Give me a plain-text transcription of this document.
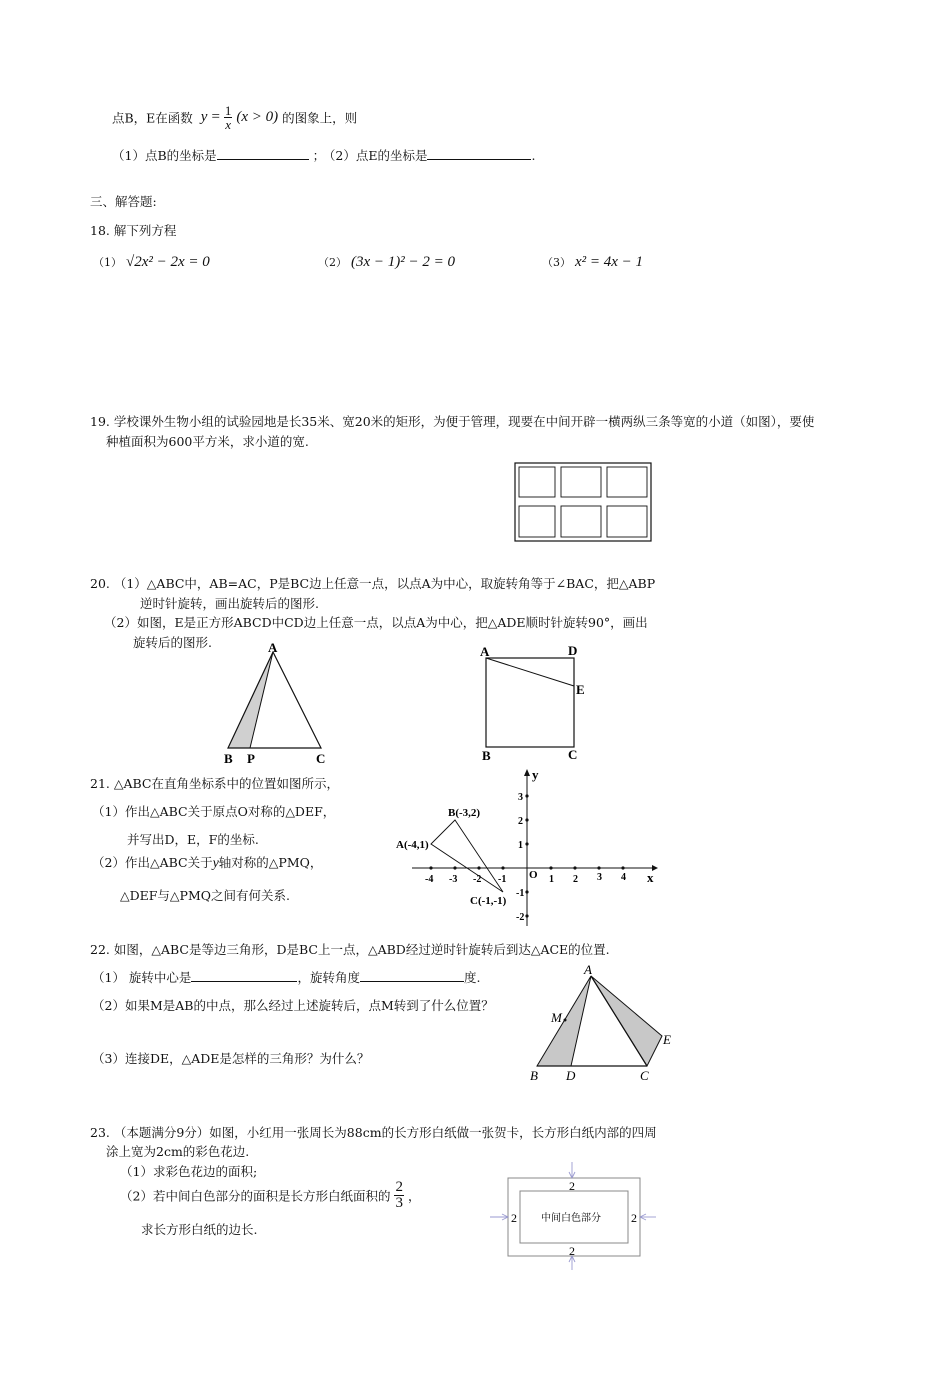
点B，E在函数 $y = \frac{1}{x} (x > 0)$ 的图象上，则
（1）点B的坐标是	； （2）点E的坐标是	.
三、解答题:
18. 解下列方程
（1） √2x² − 2x = 0	（2） (3x − 1)² − 2 = 0	（3） x² = 4x − 1
19. 学校课外生物小组的试验园地是长35米、宽20米的矩形，为便于管理，现要在中间开辟一横两纵三条等宽的小道（如图），要使
种植面积为600平方米，求小道的宽.
20. （1）△ABC中，AB=AC，P是BC边上任意一点，以点A为中心，取旋转角等于∠BAC，把△ABP
逆时针旋转，画出旋转后的图形.
（2）如图，E是正方形ABCD中CD边上任意一点，以点A为中心，把△ADE顺时针旋转90°，画出
旋转后的图形.	A
B P	C
A	D
E
B	C
21. △ABC在直角坐标系中的位置如图所示，
（1）作出△ABC关于原点O对称的△DEF，
并写出D，E，F的坐标.
（2）作出△ABC关于y轴对称的△PMQ，
△DEF与△PMQ之间有何关系.
x
y
O
-4 -3 -2 -1	1 2 3 4
3
2
1
-1
-2
A(-4,1)
B(-3,2)
C(-1,-1)
22. 如图，△ABC是等边三角形，D是BC上一点，△ABD经过逆时针旋转后到达△ACE的位置.
（1） 旋转中心是	，旋转角度	度.
（2）如果M是AB的中点，那么经过上述旋转后，点M转到了什么位置？
（3）连接DE，△ADE是怎样的三角形？为什么？
A
M
E
B D	C
23. （本题满分9分）如图，小红用一张周长为88cm的长方形白纸做一张贺卡，长方形白纸内部的四周
涂上宽为2cm的彩色花边.
（1）求彩色花边的面积;
（2）若中间白色部分的面积是长方形白纸面积的 $\frac{2}{3}$ ，
求长方形白纸的边长.
2
2
2	2
中间白色部分
